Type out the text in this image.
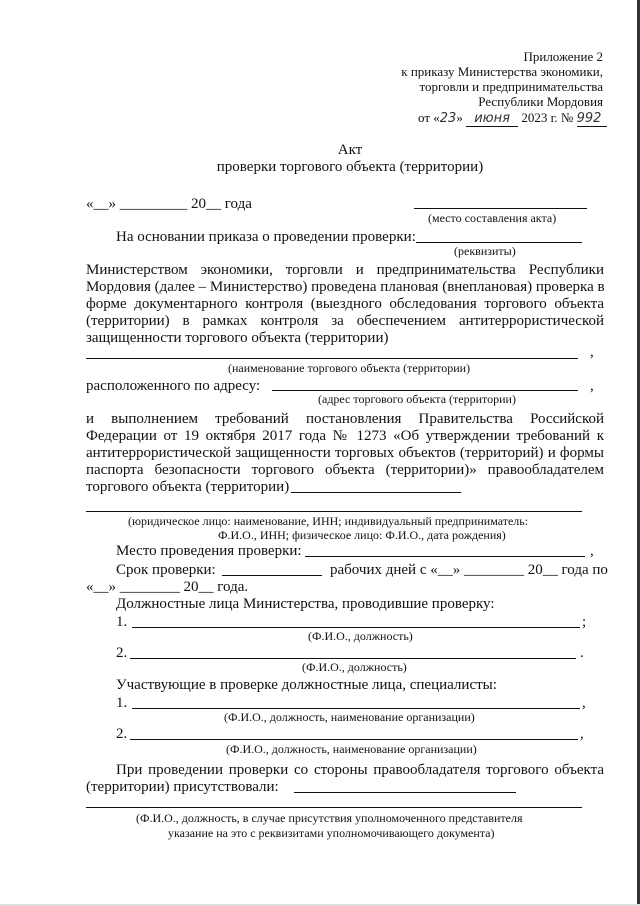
Приложение 2
к приказу Министерства экономики,
торговли и предпринимательства
Республики Мордовия
от «23» июня 2023 г. № 992
Акт
проверки торгового объекта (территории)
«__» _________ 20__ года
(место составления акта)
На основании приказа о проведении проверки:
(реквизиты)
Министерством экономики, торговли и предпринимательства Республики
Мордовия (далее – Министерство) проведена плановая (внеплановая) проверка в
форме документарного контроля (выездного обследования торгового объекта
(территории) в рамках контроля за обеспечением антитеррористической
защищенности торгового объекта (территории)
,
(наименование торгового объекта (территории)
расположенного по адресу:	,
(адрес торгового объекта (территории)
и выполнением требований постановления Правительства Российской
Федерации от 19 октября 2017 года № 1273 «Об утверждении требований к
антитеррористической защищенности торговых объектов (территорий) и формы
паспорта безопасности торгового объекта (территории)» правообладателем
торгового объекта (территории)
(юридическое лицо: наименование, ИНН; индивидуальный предприниматель:
Ф.И.О., ИНН; физическое лицо: Ф.И.О., дата рождения)
Место проведения проверки:	,
Срок проверки:	рабочих дней с «__» ________ 20__ года по
«__» ________ 20__ года.
Должностные лица Министерства, проводившие проверку:
1.	;
(Ф.И.О., должность)
2.	.
(Ф.И.О., должность)
Участвующие в проверке должностные лица, специалисты:
1.	,
(Ф.И.О., должность, наименование организации)
2.	,
(Ф.И.О., должность, наименование организации)
При проведении проверки со стороны правообладателя торгового объекта
(территории) присутствовали:
(Ф.И.О., должность, в случае присутствия уполномоченного представителя
указание на это с реквизитами уполномочивающего документа)
